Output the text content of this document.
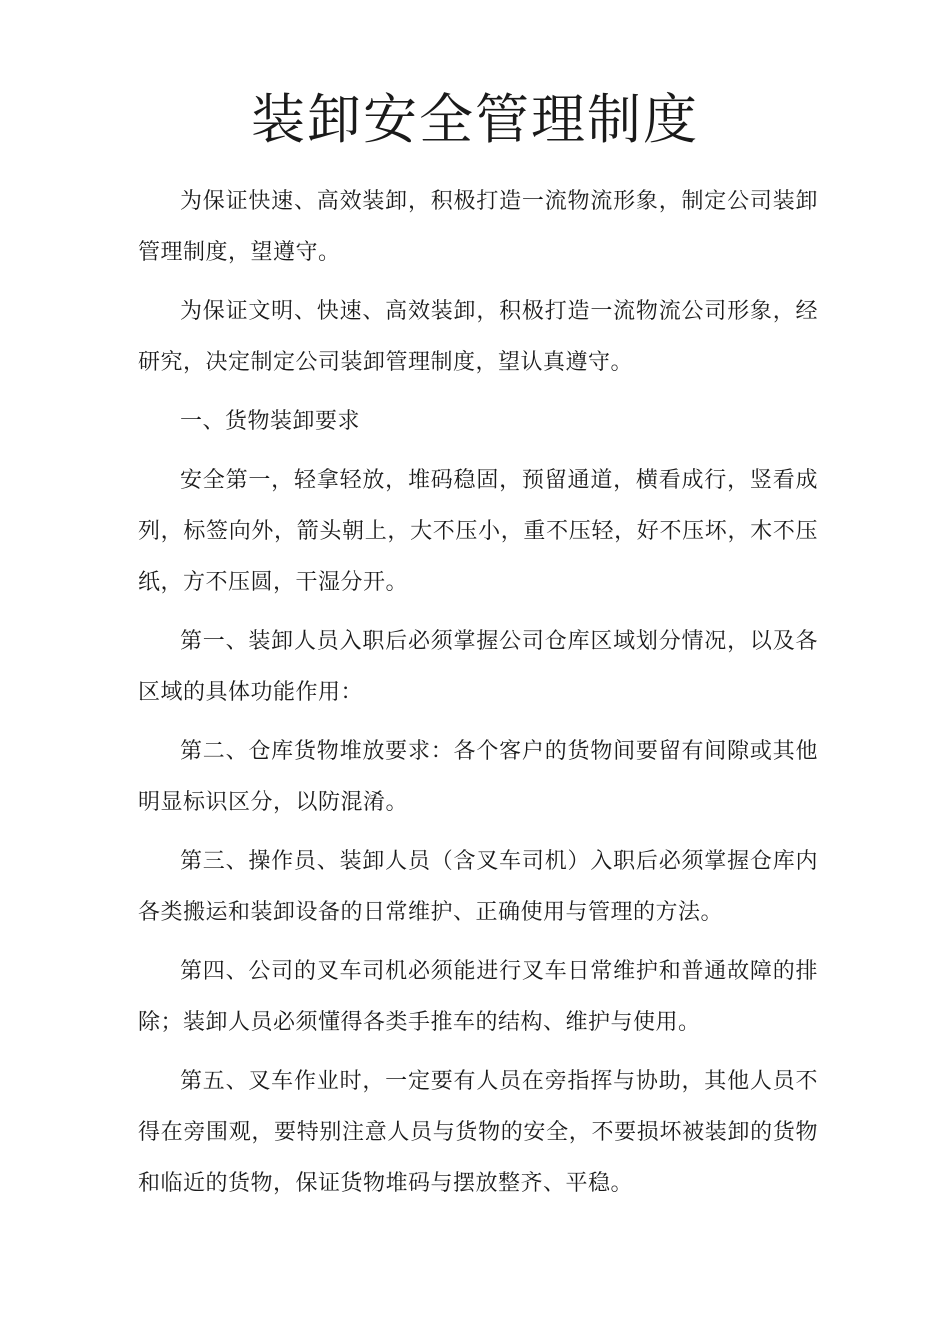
装卸安全管理制度

为保证快速、高效装卸，积极打造一流物流形象，制定公司装卸管理制度，望遵守。

为保证文明、快速、高效装卸，积极打造一流物流公司形象，经研究，决定制定公司装卸管理制度，望认真遵守。

一、货物装卸要求

安全第一，轻拿轻放，堆码稳固，预留通道，横看成行，竖看成列，标签向外，箭头朝上，大不压小，重不压轻，好不压坏，木不压纸，方不压圆，干湿分开。

第一、装卸人员入职后必须掌握公司仓库区域划分情况，以及各区域的具体功能作用：

第二、仓库货物堆放要求：各个客户的货物间要留有间隙或其他明显标识区分，以防混淆。

第三、操作员、装卸人员（含叉车司机）入职后必须掌握仓库内各类搬运和装卸设备的日常维护、正确使用与管理的方法。

第四、公司的叉车司机必须能进行叉车日常维护和普通故障的排除；装卸人员必须懂得各类手推车的结构、维护与使用。

第五、叉车作业时，一定要有人员在旁指挥与协助，其他人员不得在旁围观，要特别注意人员与货物的安全，不要损坏被装卸的货物和临近的货物，保证货物堆码与摆放整齐、平稳。
